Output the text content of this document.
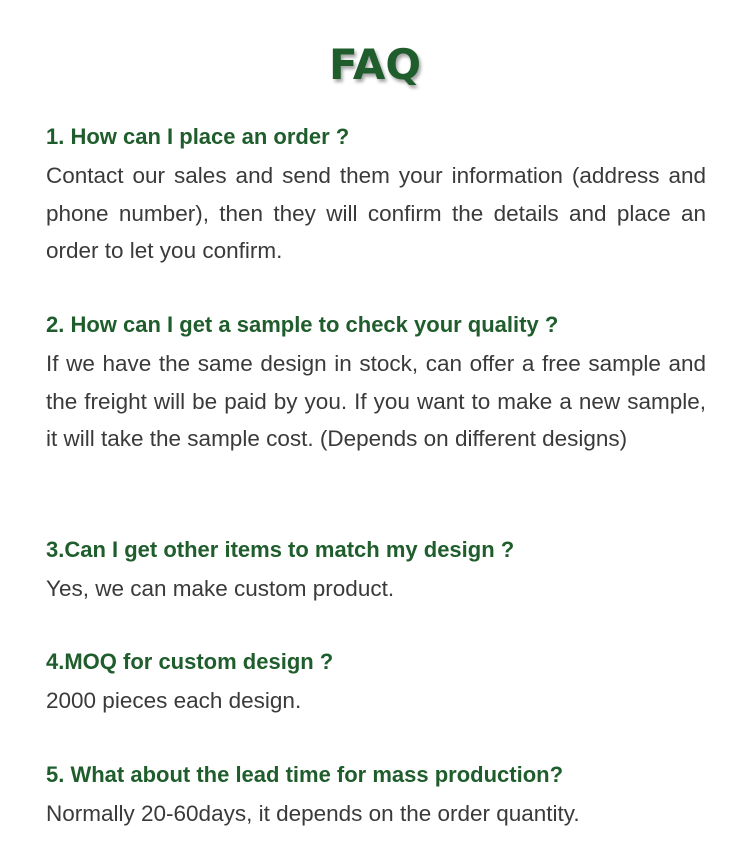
FAQ

1. How can I place an order ?

Contact our sales and send them your information (address and phone number), then they will confirm the details and place an order to let you confirm.

2. How can I get a sample to check your quality ?

If we have the same design in stock, can offer a free sample and the freight will be paid by you. If you want to make a new sample, it will take the sample cost. (Depends on different designs)

3.Can I get other items to match my design ?

Yes, we can make custom product.

4.MOQ for custom design ?

2000 pieces each design.

5. What about the lead time for mass production?

Normally 20-60days, it depends on the order quantity.
